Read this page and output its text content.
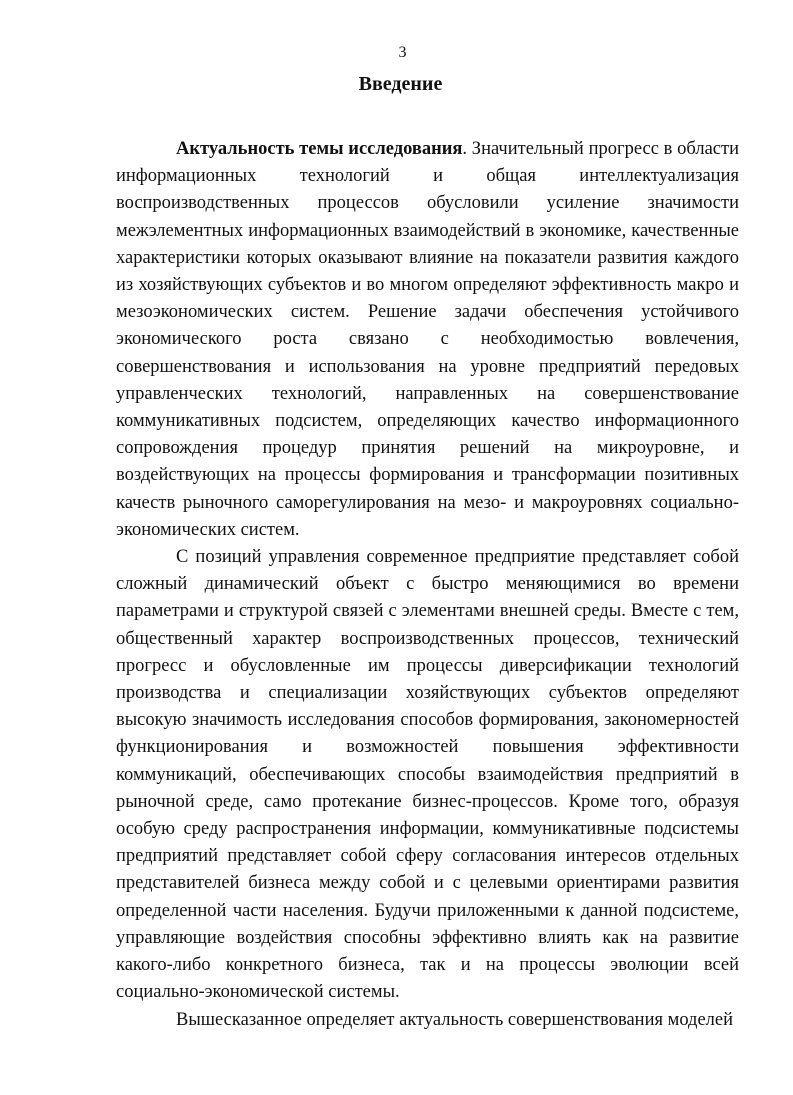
3
Введение

Актуальность темы исследования. Значительный прогресс в области информационных технологий и общая интеллектуализация воспроизводственных процессов обусловили усиление значимости межэлементных информационных взаимодействий в экономике, качественные характеристики которых оказывают влияние на показатели развития каждого из хозяйствующих субъектов и во многом определяют эффективность макро и мезоэкономических систем. Решение задачи обеспечения устойчивого экономического роста связано с необходимостью вовлечения, совершенствования и использования на уровне предприятий передовых управленческих технологий, направленных на совершенствование коммуникативных подсистем, определяющих качество информационного сопровождения процедур принятия решений на микроуровне, и воздействующих на процессы формирования и трансформации позитивных качеств рыночного саморегулирования на мезо- и макроуровнях социально-экономических систем.

С позиций управления современное предприятие представляет собой сложный динамический объект с быстро меняющимися во времени параметрами и структурой связей с элементами внешней среды. Вместе с тем, общественный характер воспроизводственных процессов, технический прогресс и обусловленные им процессы диверсификации технологий производства и специализации хозяйствующих субъектов определяют высокую значимость исследования способов формирования, закономерностей функционирования и возможностей повышения эффективности коммуникаций, обеспечивающих способы взаимодействия предприятий в рыночной среде, само протекание бизнес-процессов. Кроме того, образуя особую среду распространения информации, коммуникативные подсистемы предприятий представляет собой сферу согласования интересов отдельных представителей бизнеса между собой и с целевыми ориентирами развития определенной части населения. Будучи приложенными к данной подсистеме, управляющие воздействия способны эффективно влиять как на развитие какого-либо конкретного бизнеса, так и на процессы эволюции всей социально-экономической системы.

Вышесказанное определяет актуальность совершенствования моделей
